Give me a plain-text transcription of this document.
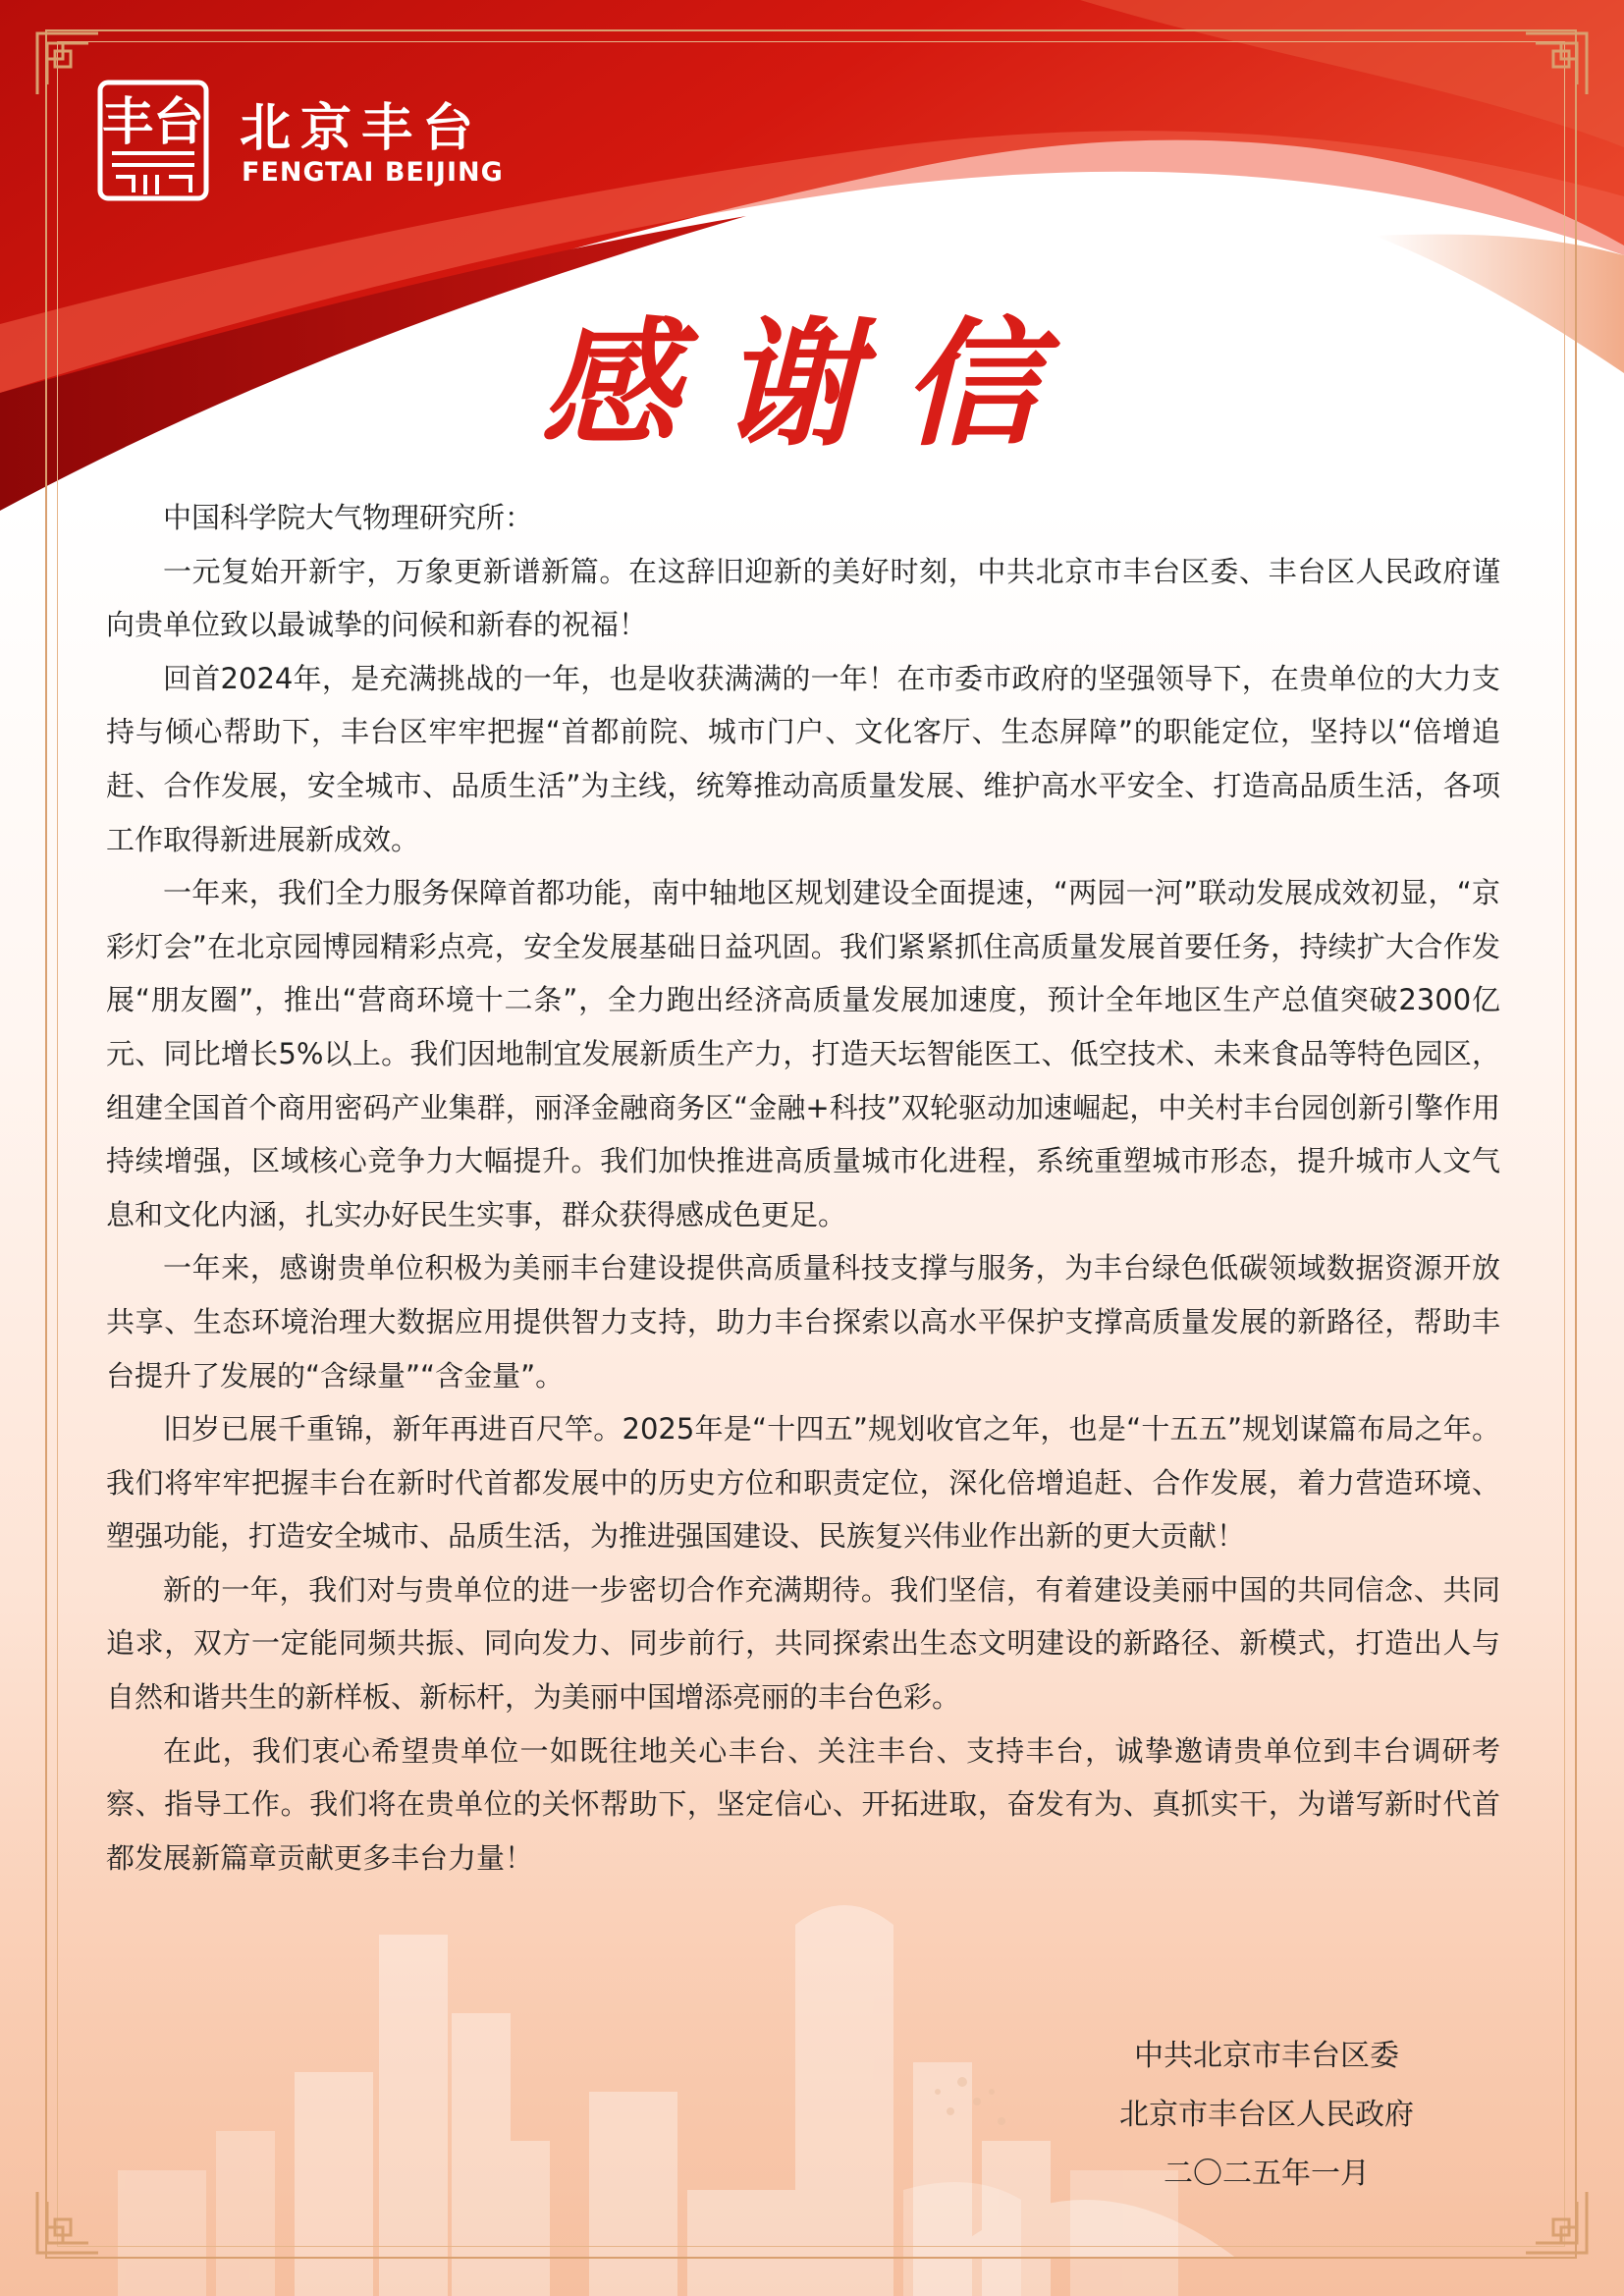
丰台 北京丰台
FENGTAI BEIJING
感谢信

中国科学院大气物理研究所：

一元复始开新宇，万象更新谱新篇。在这辞旧迎新的美好时刻，中共北京市丰台区委、丰台区人民政府谨向贵单位致以最诚挚的问候和新春的祝福！

回首2024年，是充满挑战的一年，也是收获满满的一年！在市委市政府的坚强领导下，在贵单位的大力支持与倾心帮助下，丰台区牢牢把握“首都前院、城市门户、文化客厅、生态屏障”的职能定位，坚持以“倍增追赶、合作发展，安全城市、品质生活”为主线，统筹推动高质量发展、维护高水平安全、打造高品质生活，各项工作取得新进展新成效。

一年来，我们全力服务保障首都功能，南中轴地区规划建设全面提速，“两园一河”联动发展成效初显，“京彩灯会”在北京园博园精彩点亮，安全发展基础日益巩固。我们紧紧抓住高质量发展首要任务，持续扩大合作发展“朋友圈”，推出“营商环境十二条”，全力跑出经济高质量发展加速度，预计全年地区生产总值突破2300亿元、同比增长5%以上。我们因地制宜发展新质生产力，打造天坛智能医工、低空技术、未来食品等特色园区，组建全国首个商用密码产业集群，丽泽金融商务区“金融+科技”双轮驱动加速崛起，中关村丰台园创新引擎作用持续增强，区域核心竞争力大幅提升。我们加快推进高质量城市化进程，系统重塑城市形态，提升城市人文气息和文化内涵，扎实办好民生实事，群众获得感成色更足。

一年来，感谢贵单位积极为美丽丰台建设提供高质量科技支撑与服务，为丰台绿色低碳领域数据资源开放共享、生态环境治理大数据应用提供智力支持，助力丰台探索以高水平保护支撑高质量发展的新路径，帮助丰台提升了发展的“含绿量”“含金量”。

旧岁已展千重锦，新年再进百尺竿。2025年是“十四五”规划收官之年，也是“十五五”规划谋篇布局之年。我们将牢牢把握丰台在新时代首都发展中的历史方位和职责定位，深化倍增追赶、合作发展，着力营造环境、塑强功能，打造安全城市、品质生活，为推进强国建设、民族复兴伟业作出新的更大贡献！

新的一年，我们对与贵单位的进一步密切合作充满期待。我们坚信，有着建设美丽中国的共同信念、共同追求，双方一定能同频共振、同向发力、同步前行，共同探索出生态文明建设的新路径、新模式，打造出人与自然和谐共生的新样板、新标杆，为美丽中国增添亮丽的丰台色彩。

在此，我们衷心希望贵单位一如既往地关心丰台、关注丰台、支持丰台，诚挚邀请贵单位到丰台调研考察、指导工作。我们将在贵单位的关怀帮助下，坚定信心、开拓进取，奋发有为、真抓实干，为谱写新时代首都发展新篇章贡献更多丰台力量！

中共北京市丰台区委
北京市丰台区人民政府
二〇二五年一月
